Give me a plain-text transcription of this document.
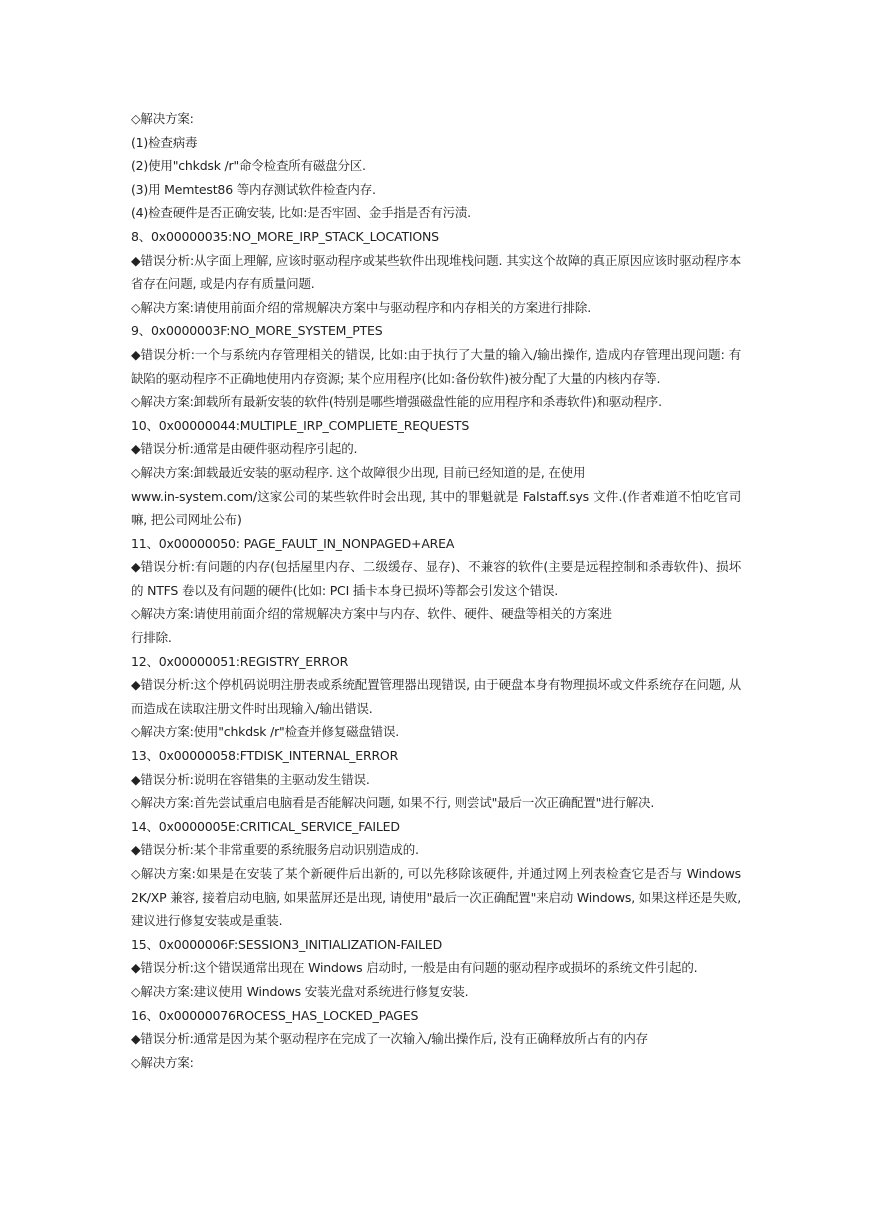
◇解决方案:
(1)检查病毒
(2)使用"chkdsk /r"命令检查所有磁盘分区.
(3)用 Memtest86 等内存测试软件检查内存.
(4)检查硬件是否正确安装, 比如:是否牢固、金手指是否有污渍.
8、0x00000035:NO_MORE_IRP_STACK_LOCATIONS
◆错误分析:从字面上理解, 应该时驱动程序或某些软件出现堆栈问题. 其实这个故障的真正原因应该时驱动程序本省存在问题, 或是内存有质量问题.
◇解决方案:请使用前面介绍的常规解决方案中与驱动程序和内存相关的方案进行排除.
9、0x0000003F:NO_MORE_SYSTEM_PTES
◆错误分析:一个与系统内存管理相关的错误, 比如:由于执行了大量的输入/输出操作, 造成内存管理出现问题: 有缺陷的驱动程序不正确地使用内存资源; 某个应用程序(比如:备份软件)被分配了大量的内核内存等.
◇解决方案:卸载所有最新安装的软件(特别是哪些增强磁盘性能的应用程序和杀毒软件)和驱动程序.
10、0x00000044:MULTIPLE_IRP_COMPLIETE_REQUESTS
◆错误分析:通常是由硬件驱动程序引起的.
◇解决方案:卸载最近安装的驱动程序. 这个故障很少出现, 目前已经知道的是, 在使用
www.in-system.com/这家公司的某些软件时会出现, 其中的罪魁就是 Falstaff.sys 文件.(作者难道不怕吃官司嘛, 把公司网址公布)
11、0x00000050: PAGE_FAULT_IN_NONPAGED+AREA
◆错误分析:有问题的内存(包括屋里内存、二级缓存、显存)、不兼容的软件(主要是远程控制和杀毒软件)、损坏的 NTFS 卷以及有问题的硬件(比如: PCI 插卡本身已损坏)等都会引发这个错误.
◇解决方案:请使用前面介绍的常规解决方案中与内存、软件、硬件、硬盘等相关的方案进
行排除.
12、0x00000051:REGISTRY_ERROR
◆错误分析:这个停机码说明注册表或系统配置管理器出现错误, 由于硬盘本身有物理损坏或文件系统存在问题, 从而造成在读取注册文件时出现输入/输出错误.
◇解决方案:使用"chkdsk /r"检查并修复磁盘错误.
13、0x00000058:FTDISK_INTERNAL_ERROR
◆错误分析:说明在容错集的主驱动发生错误.
◇解决方案:首先尝试重启电脑看是否能解决问题, 如果不行, 则尝试"最后一次正确配置"进行解决.
14、0x0000005E:CRITICAL_SERVICE_FAILED
◆错误分析:某个非常重要的系统服务启动识别造成的.
◇解决方案:如果是在安装了某个新硬件后出新的, 可以先移除该硬件, 并通过网上列表检查它是否与 Windows 2K/XP 兼容, 接着启动电脑, 如果蓝屏还是出现, 请使用"最后一次正确配置"来启动 Windows, 如果这样还是失败, 建议进行修复安装或是重装.
15、0x0000006F:SESSION3_INITIALIZATION-FAILED
◆错误分析:这个错误通常出现在 Windows 启动时, 一般是由有问题的驱动程序或损坏的系统文件引起的.
◇解决方案:建议使用 Windows 安装光盘对系统进行修复安装.
16、0x00000076ROCESS_HAS_LOCKED_PAGES
◆错误分析:通常是因为某个驱动程序在完成了一次输入/输出操作后, 没有正确释放所占有的内存
◇解决方案:
